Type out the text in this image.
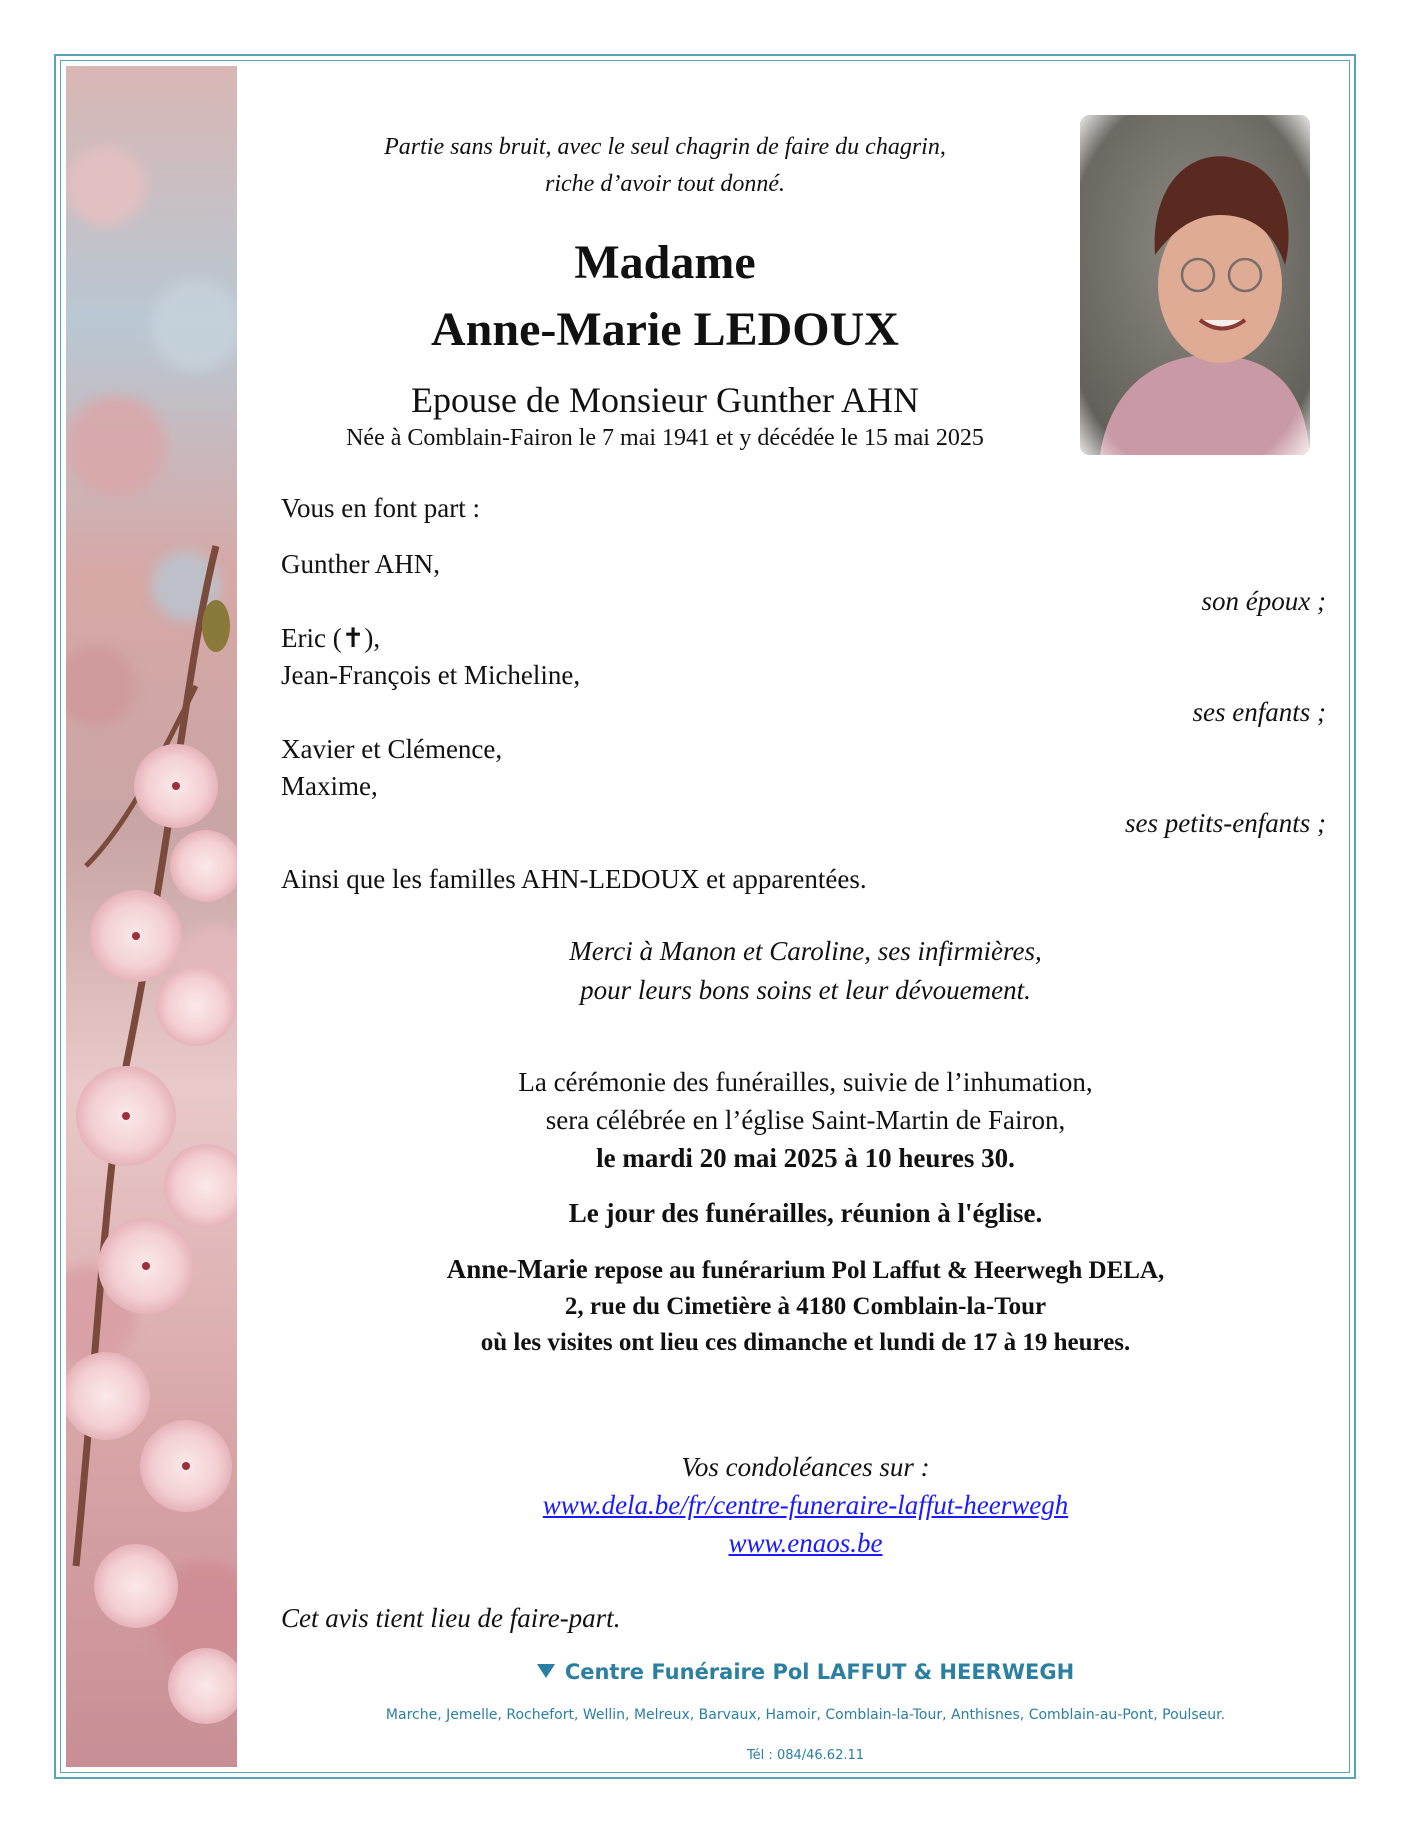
Partie sans bruit, avec le seul chagrin de faire du chagrin,
riche d’avoir tout donné.
Madame
Anne-Marie LEDOUX
Epouse de Monsieur Gunther AHN
Née à Comblain-Fairon le 7 mai 1941 et y décédée le 15 mai 2025
Vous en font part :
Gunther AHN,
son époux ;
Eric (✝),
Jean-François et Micheline,
ses enfants ;
Xavier et Clémence,
Maxime,
ses petits-enfants ;
Ainsi que les familles AHN-LEDOUX et apparentées.
Merci à Manon et Caroline, ses infirmières,
pour leurs bons soins et leur dévouement.
La cérémonie des funérailles, suivie de l’inhumation,
sera célébrée en l’église Saint-Martin de Fairon,
le mardi 20 mai 2025 à 10 heures 30.
Le jour des funérailles, réunion à l'église.
Anne-Marie repose au funérarium Pol Laffut & Heerwegh DELA,
2, rue du Cimetière à 4180 Comblain-la-Tour
où les visites ont lieu ces dimanche et lundi de 17 à 19 heures.
Vos condoléances sur :
www.dela.be/fr/centre-funeraire-laffut-heerwegh
www.enaos.be
Cet avis tient lieu de faire-part.
Centre Funéraire Pol LAFFUT & HEERWEGH
Marche, Jemelle, Rochefort, Wellin, Melreux, Barvaux, Hamoir, Comblain-la-Tour, Anthisnes, Comblain-au-Pont, Poulseur.
Tél : 084/46.62.11
